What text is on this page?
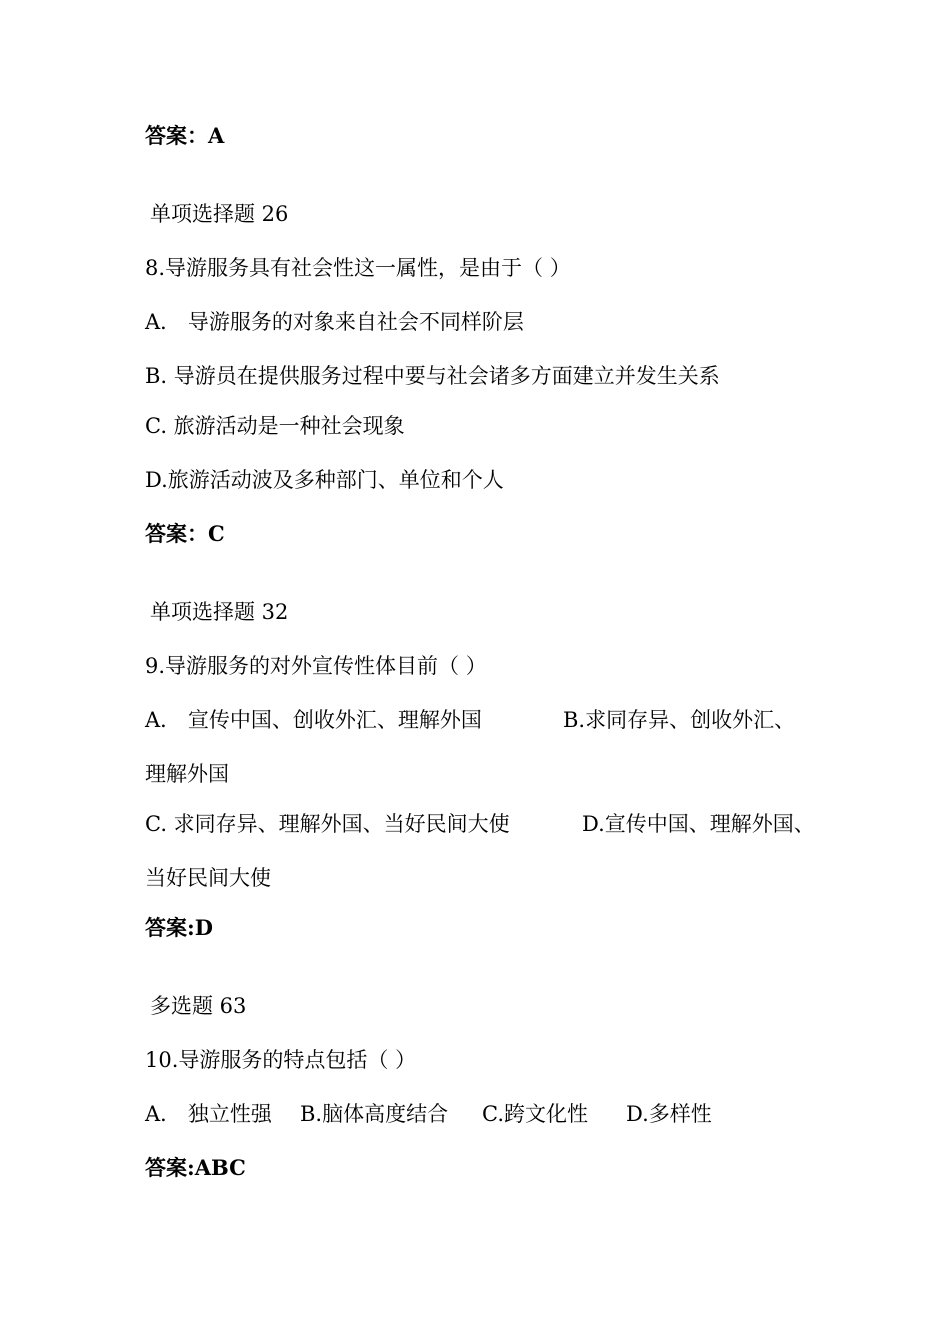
答案：A
单项选择题 26
8.导游服务具有社会性这一属性，是由于（ ）
A． 导游服务的对象来自社会不同样阶层
B. 导游员在提供服务过程中要与社会诸多方面建立并发生关系
C. 旅游活动是一种社会现象
D.旅游活动波及多种部门、单位和个人
答案：C
单项选择题 32
9.导游服务的对外宣传性体目前（ ）
A． 宣传中国、创收外汇、理解外国	B.求同存异、创收外汇、
理解外国
C. 求同存异、理解外国、当好民间大使	D.宣传中国、理解外国、
当好民间大使
答案:D
多选题 63
10.导游服务的特点包括（ ）
A． 独立性强 B.脑体高度结合 C.跨文化性 D.多样性
答案:ABC
